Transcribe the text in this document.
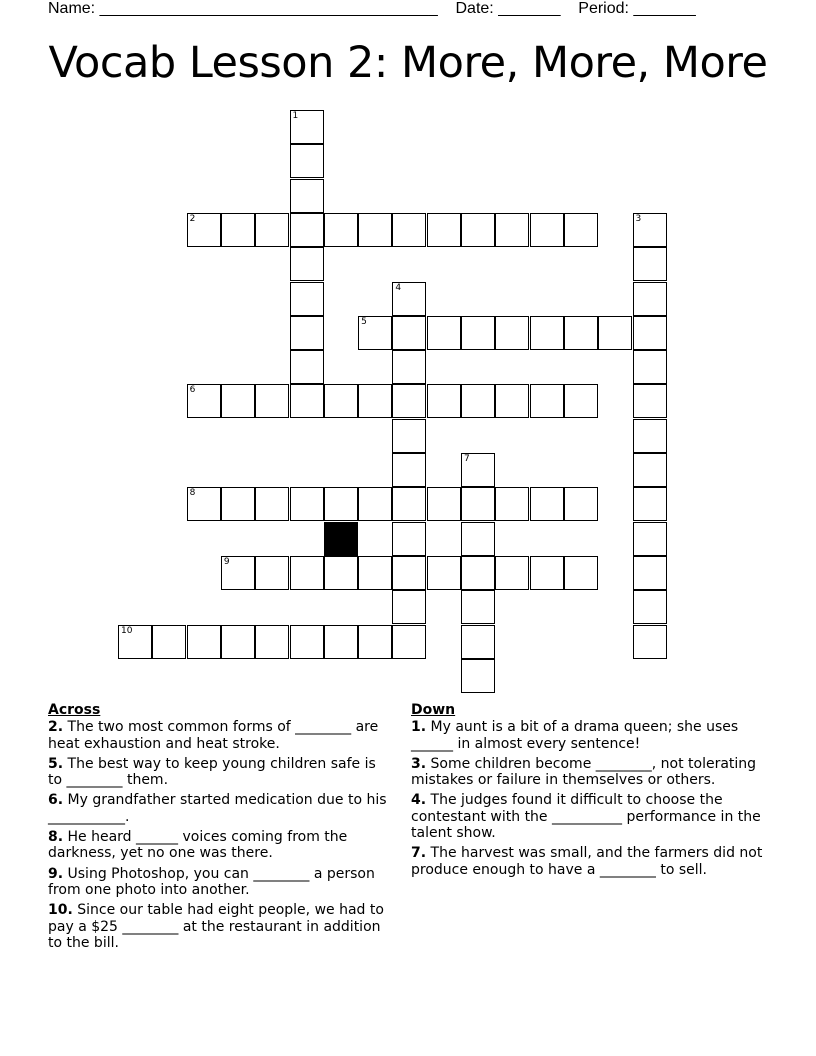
Name: ______________________________________ Date: _______ Period: _______
Vocab Lesson 2: More, More, More
1
2	3
4
5
6
7
8
9
10
Across
2. The two most common forms of ________ are heat exhaustion and heat stroke.
5. The best way to keep young children safe is to ________ them.
6. My grandfather started medication due to his ___________.
8. He heard ______ voices coming from the darkness, yet no one was there.
9. Using Photoshop, you can ________ a person from one photo into another.
10. Since our table had eight people, we had to pay a $25 ________ at the restaurant in addition to the bill.
Down
1. My aunt is a bit of a drama queen; she uses ______ in almost every sentence!
3. Some children become ________, not tolerating mistakes or failure in themselves or others.
4. The judges found it difficult to choose the contestant with the __________ performance in the talent show.
7. The harvest was small, and the farmers did not produce enough to have a ________ to sell.
